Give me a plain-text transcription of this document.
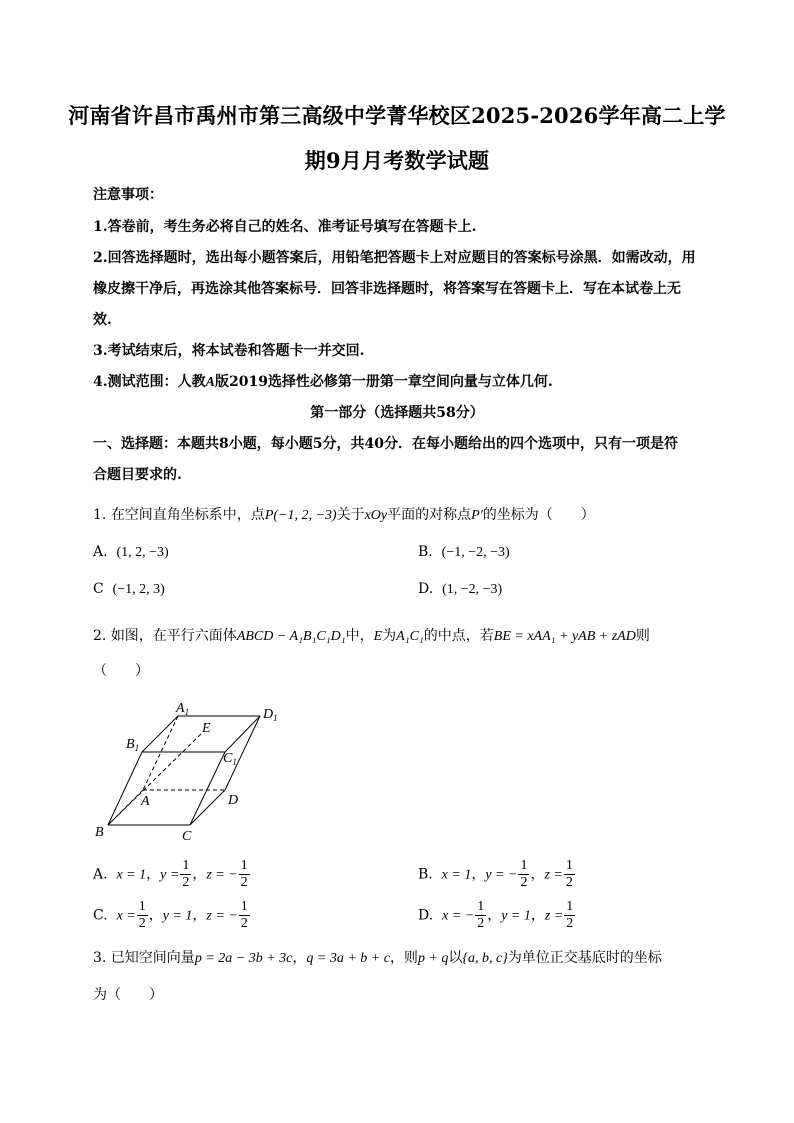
河南省许昌市禹州市第三高级中学菁华校区2025-2026学年高二上学
期9月月考数学试题
注意事项：
1.答卷前，考生务必将自己的姓名、准考证号填写在答题卡上.
2.回答选择题时，选出每小题答案后，用铅笔把答题卡上对应题目的答案标号涂黑．如需改动，用
橡皮擦干净后，再选涂其他答案标号．回答非选择题时，将答案写在答题卡上．写在本试卷上无
效.
3.考试结束后，将本试卷和答题卡一并交回.
4.测试范围：人教A版2019选择性必修第一册第一章空间向量与立体几何.
第一部分（选择题共58分）
一、选择题：本题共8小题，每小题5分，共40分．在每小题给出的四个选项中，只有一项是符
合题目要求的.
1. 在空间直角坐标系中，点P(−1, 2, −3)关于xOy平面的对称点P′的坐标为（　　）
A. (1, 2, −3)	B. (−1, −2, −3)
C (−1, 2, 3)	D. (1, −2, −3)
2. 如图，在平行六面体ABCD − A₁B₁C₁D₁中，E为A₁C₁的中点，若BE = xAA₁ + yAB + zAD则
（　　）
$A_1$	$D_1$
E
$B_1$
$C_1$
A	D
B	C
A. x = 1，$y = \frac{1}{2}$ ，z = − $\frac{1}{2}$	B. x = 1，y = − $\frac{1}{2}$ ，$z = \frac{1}{2}$
C. $x = \frac{1}{2}$ ，y = 1，z = − $\frac{1}{2}$	D. x = − $\frac{1}{2}$ ，y = 1，$z = \frac{1}{2}$
3. 已知空间向量p = 2a − 3b + 3c，q = 3a + b + c，则p + q以{a, b, c}为单位正交基底时的坐标
为（　　）
